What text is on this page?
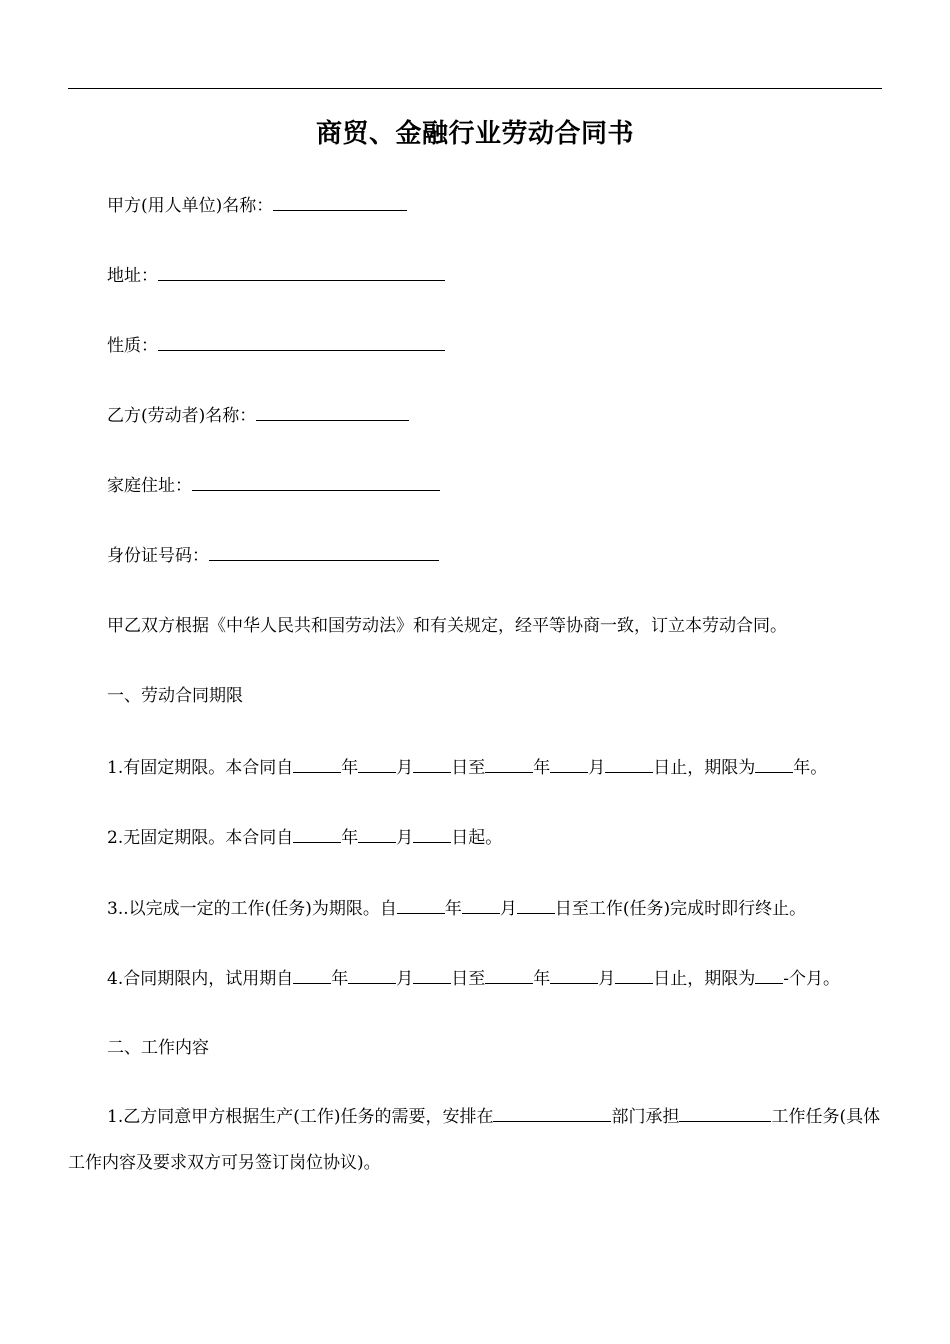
商贸、金融行业劳动合同书
甲方(用人单位)名称：
地址：
性质：
乙方(劳动者)名称：
家庭住址：
身份证号码：
甲乙双方根据《中华人民共和国劳动法》和有关规定，经平等协商一致，订立本劳动合同。
一、劳动合同期限
1.有固定期限。本合同自	年 月 日至	年 月	日止，期限为 年。
2.无固定期限。本合同自	年 月 日起。
3..以完成一定的工作(任务)为期限。自	年 月 日至工作(任务)完成时即行终止。
4.合同期限内，试用期自 年	月 日至	年	月 日止，期限为 -个月。
二、工作内容
1.乙方同意甲方根据生产(工作)任务的需要，安排在	部门承担	工作任务(具体工作内容及要求双方可另签订岗位协议)。
